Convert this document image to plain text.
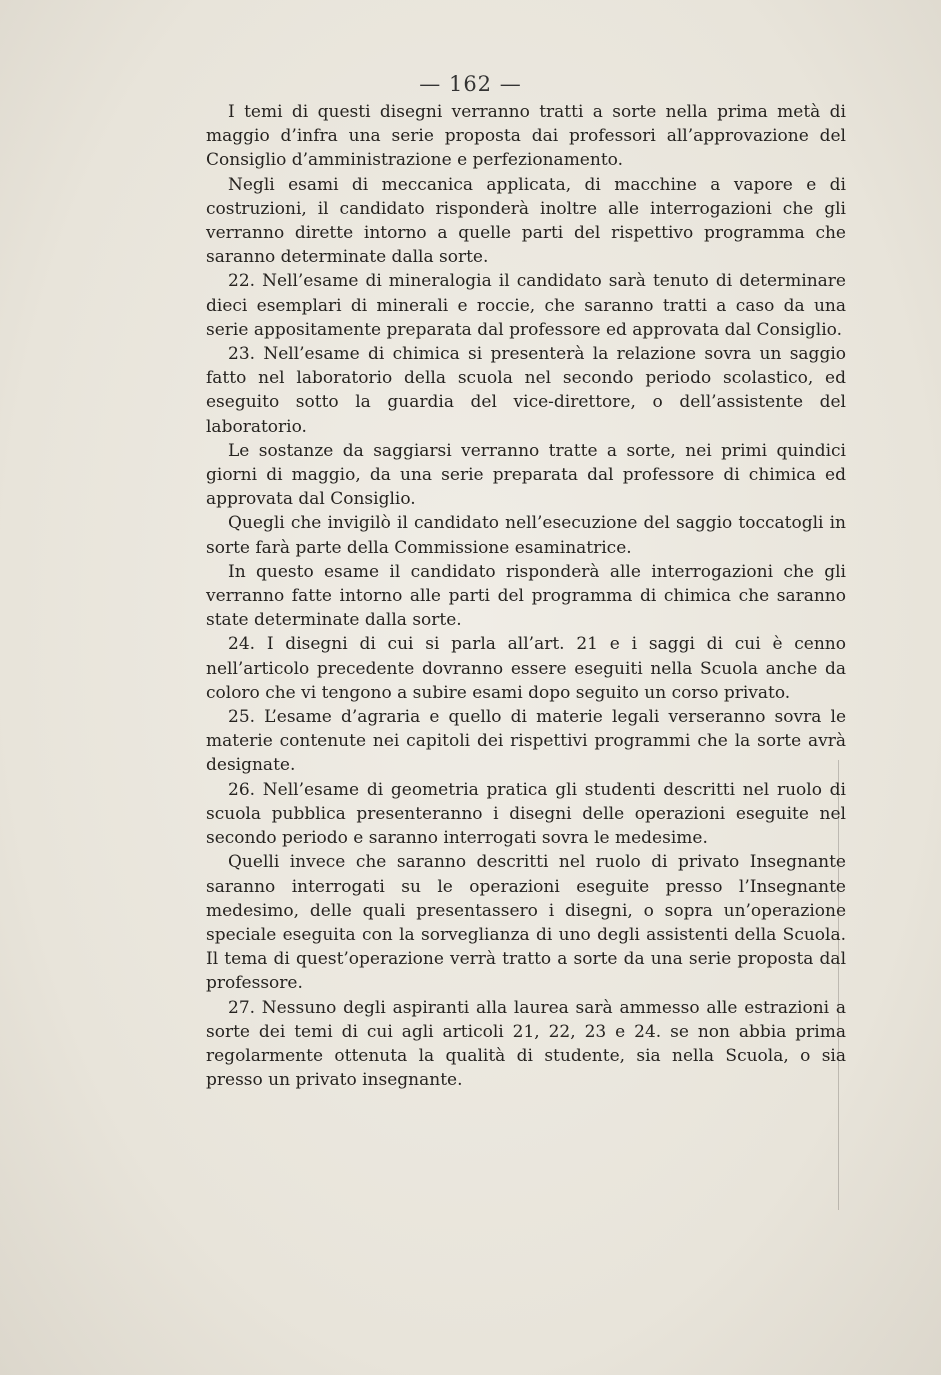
— 162 —

I temi di questi disegni verranno tratti a sorte nella prima metà di maggio d’infra una serie proposta dai professori all’approvazione del Consiglio d’amministrazione e perfezionamento.

Negli esami di meccanica applicata, di macchine a vapore e di costruzioni, il candidato risponderà inoltre alle interrogazioni che gli verranno dirette intorno a quelle parti del rispettivo programma che saranno determinate dalla sorte.

22. Nell’esame di mineralogia il candidato sarà tenuto di determinare dieci esemplari di minerali e roccie, che saranno tratti a caso da una serie appositamente preparata dal professore ed approvata dal Consiglio.

23. Nell’esame di chimica si presenterà la relazione sovra un saggio fatto nel laboratorio della scuola nel secondo periodo scolastico, ed eseguito sotto la guardia del vice-direttore, o dell’assistente del laboratorio.

Le sostanze da saggiarsi verranno tratte a sorte, nei primi quindici giorni di maggio, da una serie preparata dal professore di chimica ed approvata dal Consiglio.

Quegli che invigilò il candidato nell’esecuzione del saggio toccatogli in sorte farà parte della Commissione esaminatrice.

In questo esame il candidato risponderà alle interrogazioni che gli verranno fatte intorno alle parti del programma di chimica che saranno state determinate dalla sorte.

24. I disegni di cui si parla all’art. 21 e i saggi di cui è cenno nell’articolo precedente dovranno essere eseguiti nella Scuola anche da coloro che vi tengono a subire esami dopo seguito un corso privato.

25. L’esame d’agraria e quello di materie legali verseranno sovra le materie contenute nei capitoli dei rispettivi programmi che la sorte avrà designate.

26. Nell’esame di geometria pratica gli studenti descritti nel ruolo di scuola pubblica presenteranno i disegni delle operazioni eseguite nel secondo periodo e saranno interrogati sovra le medesime.

Quelli invece che saranno descritti nel ruolo di privato Insegnante saranno interrogati su le operazioni eseguite presso l’Insegnante medesimo, delle quali presentassero i disegni, o sopra un’operazione speciale eseguita con la sorveglianza di uno degli assistenti della Scuola. Il tema di quest’operazione verrà tratto a sorte da una serie proposta dal professore.

27. Nessuno degli aspiranti alla laurea sarà ammesso alle estrazioni a sorte dei temi di cui agli articoli 21, 22, 23 e 24. se non abbia prima regolarmente ottenuta la qualità di studente, sia nella Scuola, o sia presso un privato insegnante.
